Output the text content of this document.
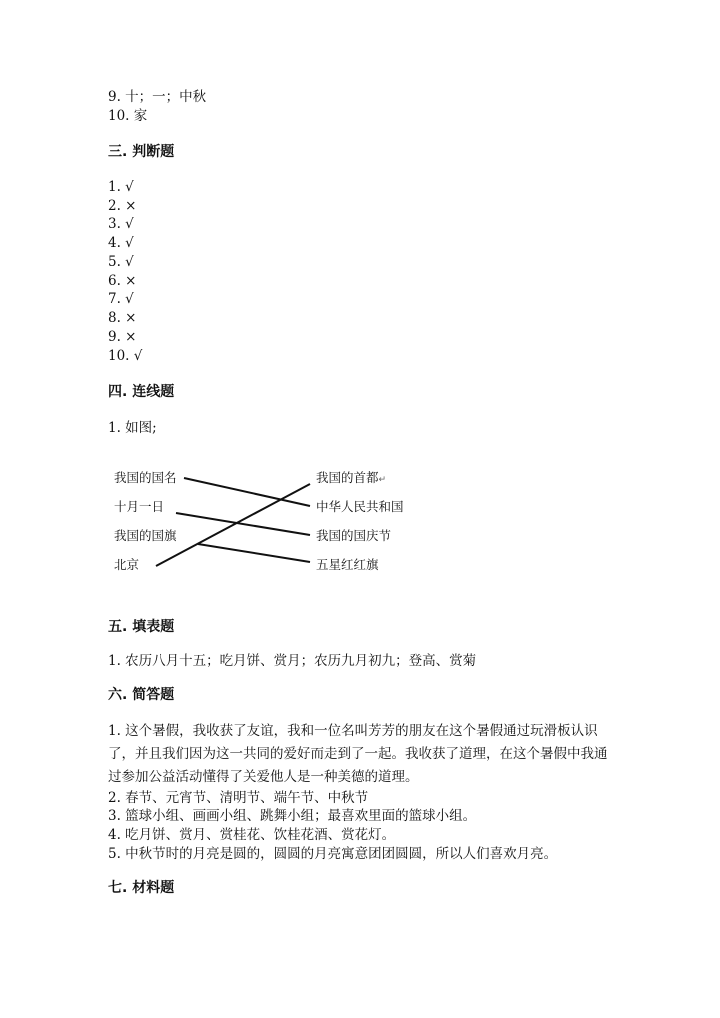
9. 十；一；中秋
10. 家
三. 判断题
1. √
2. ×
3. √
4. √
5. √
6. ×
7. √
8. ×
9. ×
10. √
四. 连线题
1. 如图;
我国的国名
十月一日
我国的国旗
北京
我国的首都↵
中华人民共和国
我国的国庆节
五星红红旗
五. 填表题
1. 农历八月十五；吃月饼、赏月；农历九月初九；登高、赏菊
六. 简答题
1. 这个暑假，我收获了友谊，我和一位名叫芳芳的朋友在这个暑假通过玩滑板认识了，并且我们因为这一共同的爱好而走到了一起。我收获了道理，在这个暑假中我通过参加公益活动懂得了关爱他人是一种美德的道理。
2. 春节、元宵节、清明节、端午节、中秋节
3. 篮球小组、画画小组、跳舞小组；最喜欢里面的篮球小组。
4. 吃月饼、赏月、赏桂花、饮桂花酒、赏花灯。
5. 中秋节时的月亮是圆的，圆圆的月亮寓意团团圆圆，所以人们喜欢月亮。
七. 材料题
